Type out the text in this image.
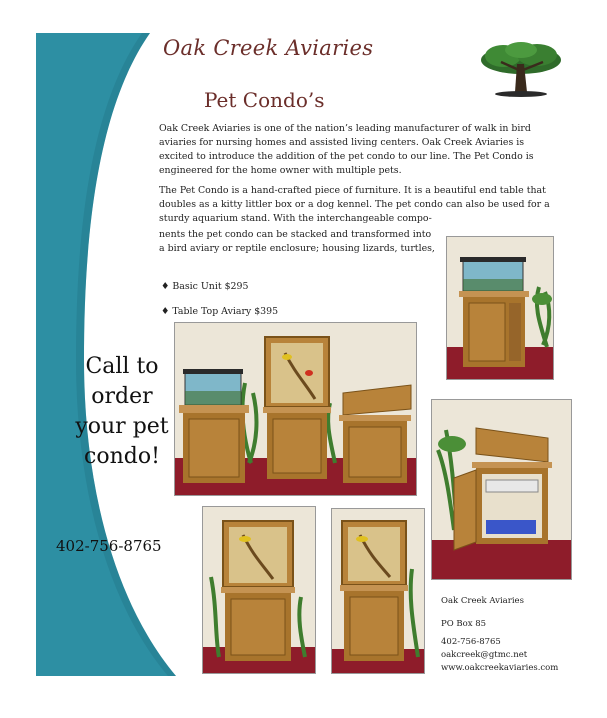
Oak Creek Aviaries
Pet Condo’s
Oak Creek Aviaries is one of the nation’s leading manufacturer of walk in bird aviaries for nursing homes and assisted living centers. Oak Creek Aviaries is excited to introduce the addition of the pet condo to our line. The Pet Condo is engineered for the home owner with multiple pets.
The Pet Condo is a hand-crafted piece of furniture. It is a beautiful end table that doubles as a kitty littler box or a dog kennel. The pet condo can also be used for a sturdy aquarium stand. With the interchangeable compo-
nents the pet condo can be stacked and transformed into a bird aviary or reptile enclosure; housing lizards, turtles,
♦ Basic Unit $295
♦ Table Top Aviary $395
Call to
order
your pet
condo!
402-756-8765
Oak Creek Aviaries
PO Box 85
402-756-8765
oakcreek@gtmc.net
www.oakcreekaviaries.com
